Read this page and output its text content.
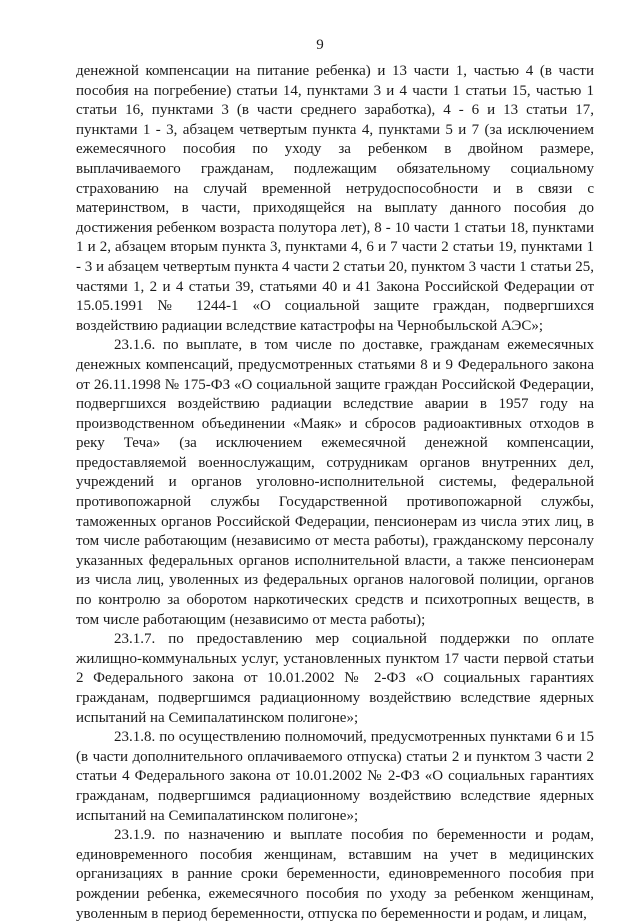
9

денежной компенсации на питание ребенка) и 13 части 1, частью 4 (в части пособия на погребение) статьи 14, пунктами 3 и 4 части 1 статьи 15, частью 1 статьи 16, пунктами 3 (в части среднего заработка), 4 - 6 и 13 статьи 17, пунктами 1 - 3, абзацем четвертым пункта 4, пунктами 5 и 7 (за исключением ежемесячного пособия по уходу за ребенком в двойном размере, выплачиваемого гражданам, подлежащим обязательному социальному страхованию на случай временной нетрудоспособности и в связи с материнством, в части, приходящейся на выплату данного пособия до достижения ребенком возраста полутора лет), 8 - 10 части 1 статьи 18, пунктами 1 и 2, абзацем вторым пункта 3, пунктами 4, 6 и 7 части 2 статьи 19, пунктами 1 - 3 и абзацем четвертым пункта 4 части 2 статьи 20, пунктом 3 части 1 статьи 25, частями 1, 2 и 4 статьи 39, статьями 40 и 41 Закона Российской Федерации от 15.05.1991 № 1244-1 «О социальной защите граждан, подвергшихся воздействию радиации вследствие катастрофы на Чернобыльской АЭС»;

23.1.6. по выплате, в том числе по доставке, гражданам ежемесячных денежных компенсаций, предусмотренных статьями 8 и 9 Федерального закона от 26.11.1998 № 175-ФЗ «О социальной защите граждан Российской Федерации, подвергшихся воздействию радиации вследствие аварии в 1957 году на производственном объединении «Маяк» и сбросов радиоактивных отходов в реку Теча» (за исключением ежемесячной денежной компенсации, предоставляемой военнослужащим, сотрудникам органов внутренних дел, учреждений и органов уголовно-исполнительной системы, федеральной противопожарной службы Государственной противопожарной службы, таможенных органов Российской Федерации, пенсионерам из числа этих лиц, в том числе работающим (независимо от места работы), гражданскому персоналу указанных федеральных органов исполнительной власти, а также пенсионерам из числа лиц, уволенных из федеральных органов налоговой полиции, органов по контролю за оборотом наркотических средств и психотропных веществ, в том числе работающим (независимо от места работы);

23.1.7. по предоставлению мер социальной поддержки по оплате жилищно-коммунальных услуг, установленных пунктом 17 части первой статьи 2 Федерального закона от 10.01.2002 № 2-ФЗ «О социальных гарантиях гражданам, подвергшимся радиационному воздействию вследствие ядерных испытаний на Семипалатинском полигоне»;

23.1.8. по осуществлению полномочий, предусмотренных пунктами 6 и 15 (в части дополнительного оплачиваемого отпуска) статьи 2 и пунктом 3 части 2 статьи 4 Федерального закона от 10.01.2002 № 2-ФЗ «О социальных гарантиях гражданам, подвергшимся радиационному воздействию вследствие ядерных испытаний на Семипалатинском полигоне»;

23.1.9. по назначению и выплате пособия по беременности и родам, единовременного пособия женщинам, вставшим на учет в медицинских организациях в ранние сроки беременности, единовременного пособия при рождении ребенка, ежемесячного пособия по уходу за ребенком женщинам, уволенным в период беременности, отпуска по беременности и родам, и лицам,
